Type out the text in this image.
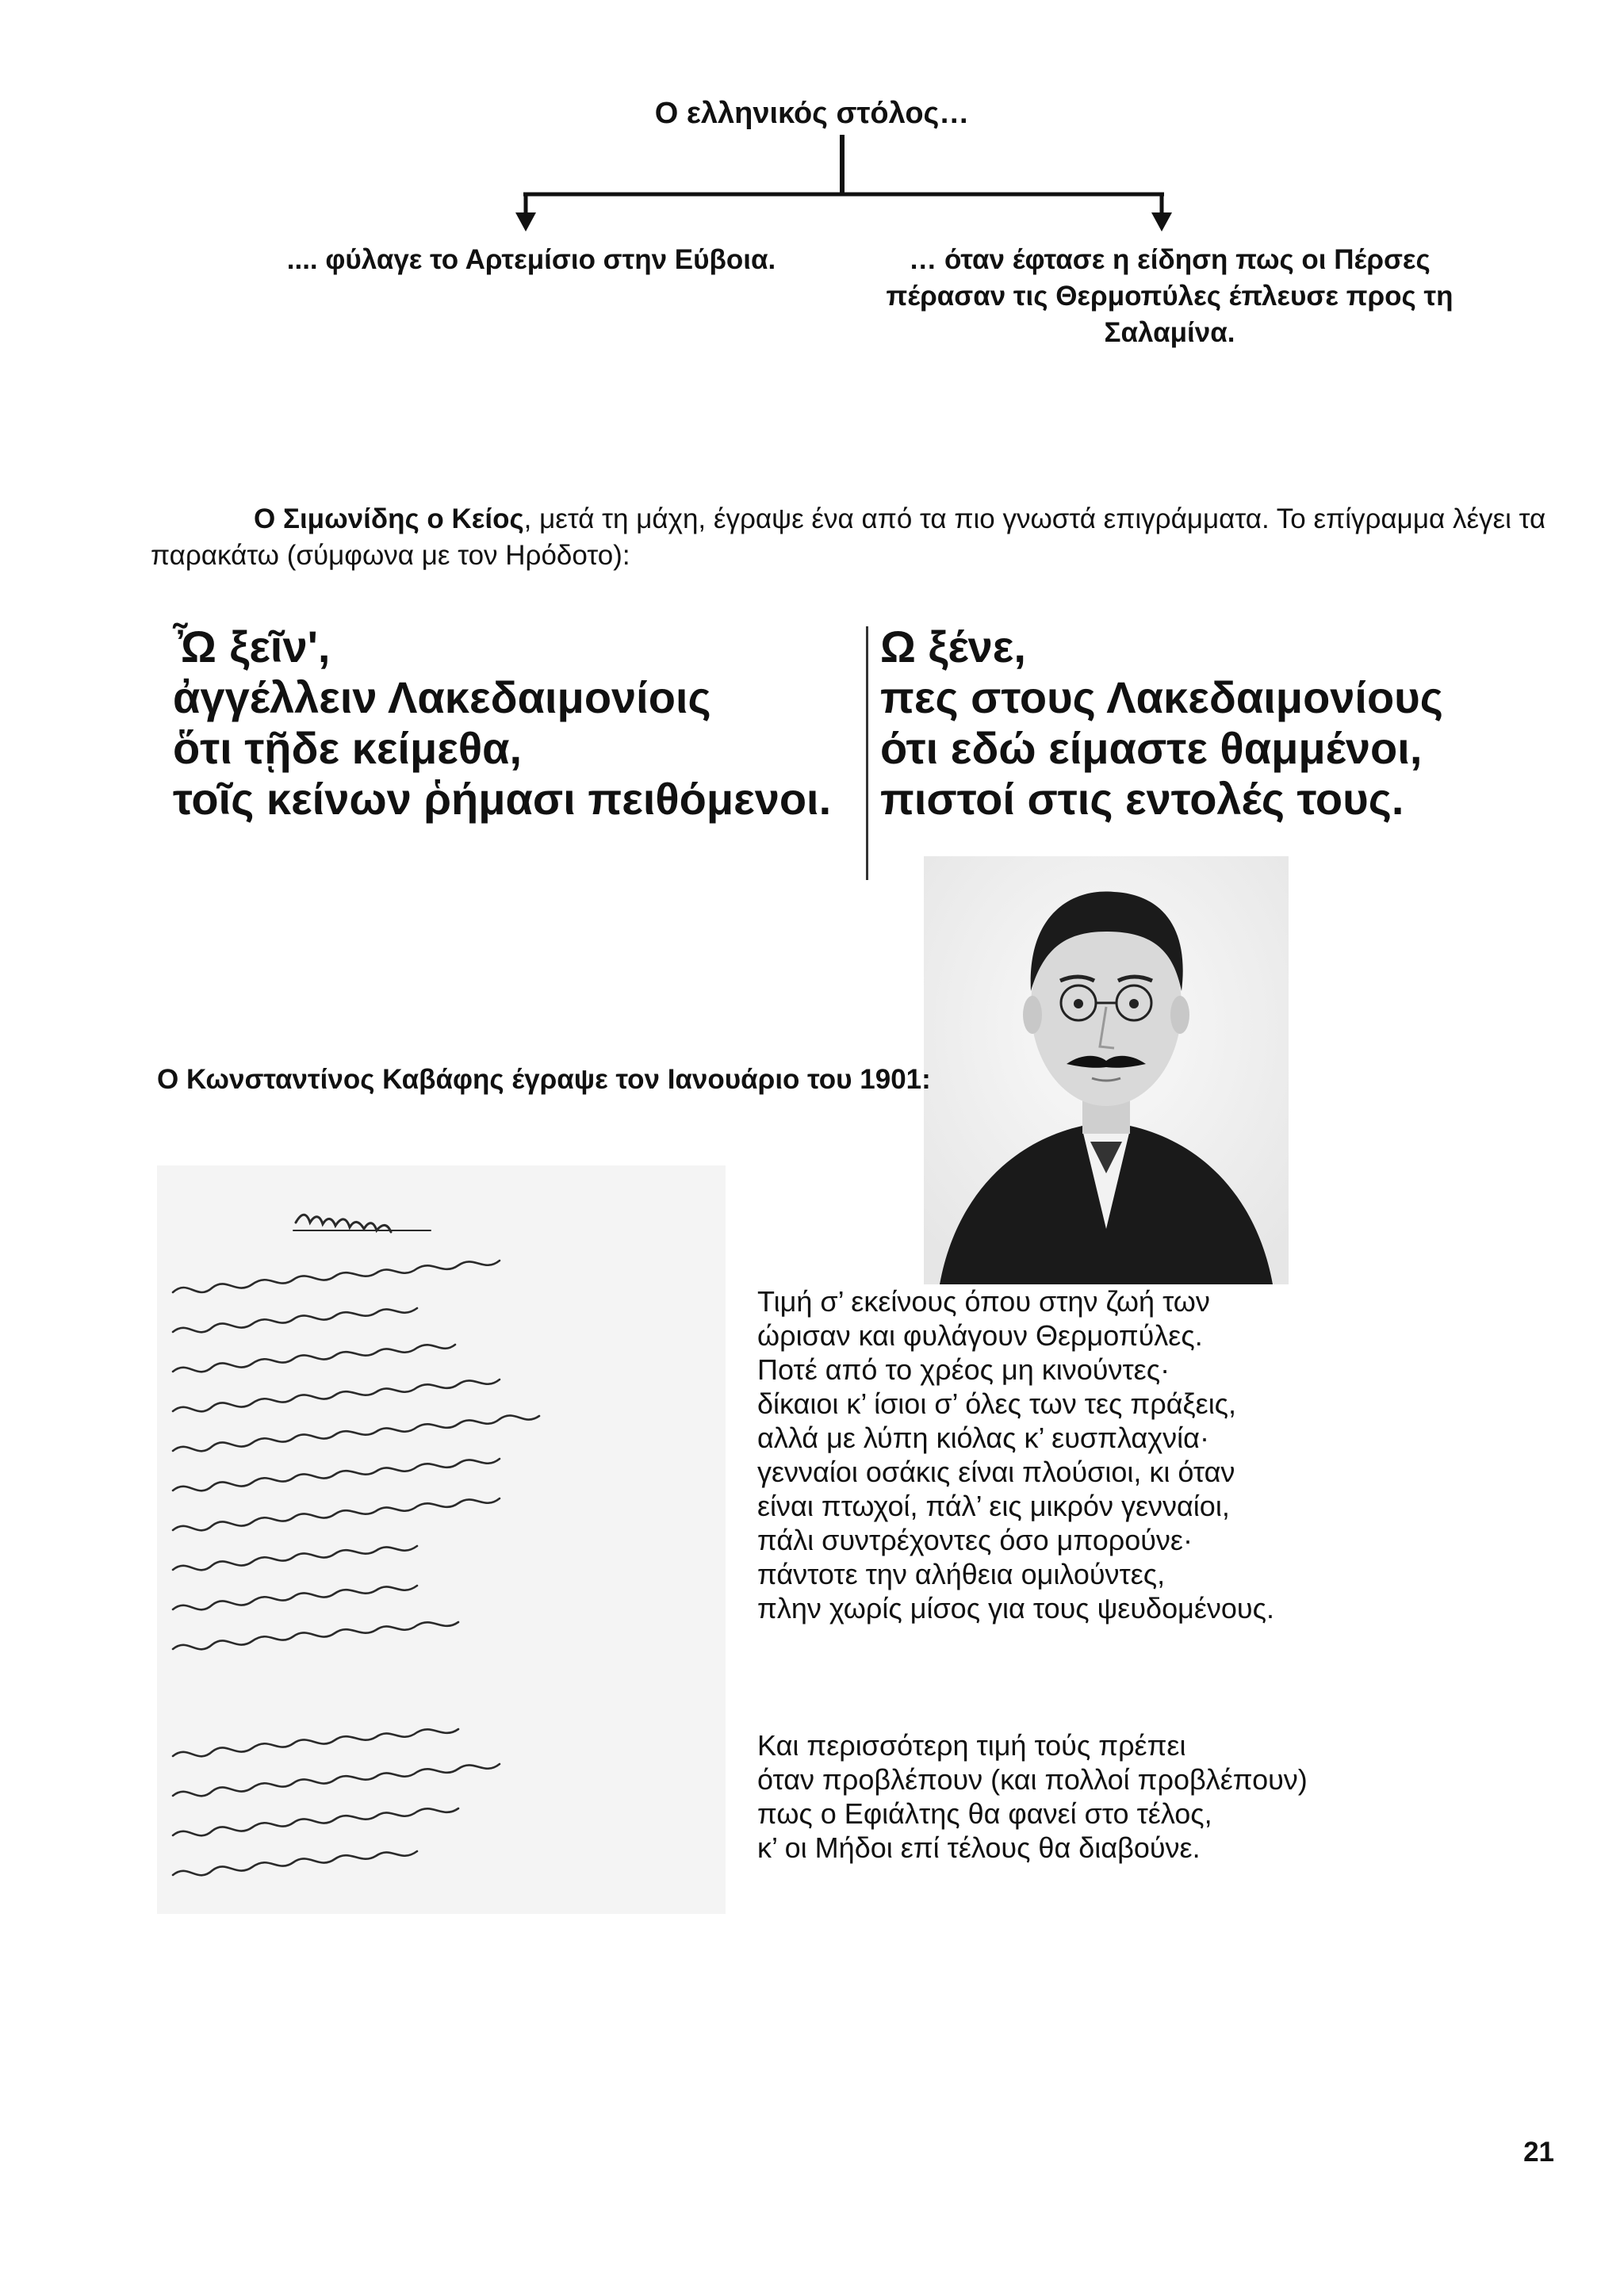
Ο ελληνικός στόλος…
.... φύλαγε το Αρτεμίσιο στην Εύβοια.	… όταν έφτασε η είδηση πως οι Πέρσες
πέρασαν τις Θερμοπύλες έπλευσε προς τη
Σαλαμίνα.
Ο Σιμωνίδης ο Κείος, μετά τη μάχη, έγραψε ένα από τα πιο γνωστά επιγράμματα. Το επίγραμμα λέγει τα
παρακάτω (σύμφωνα με τον Ηρόδοτο):
Ὦ ξεῖν',
ἀγγέλλειν Λακεδαιμονίοις
ὅτι τῇδε κείμεθα,
τοῖς κείνων ῥήμασι πειθόμενοι.
Ω ξένε,
πες στους Λακεδαιμονίους
ότι εδώ είμαστε θαμμένοι,
πιστοί στις εντολές τους.
Ο Κωνσταντίνος Καβάφης έγραψε τον Ιανουάριο του 1901:
Τιμή σ’ εκείνους όπου στην ζωή των
ώρισαν και φυλάγουν Θερμοπύλες.
Ποτέ από το χρέος μη κινούντες·
δίκαιοι κ’ ίσιοι σ’ όλες των τες πράξεις,
αλλά με λύπη κιόλας κ’ ευσπλαχνία·
γενναίοι οσάκις είναι πλούσιοι, κι όταν
είναι πτωχοί, πάλ’ εις μικρόν γενναίοι,
πάλι συντρέχοντες όσο μπορούνε·
πάντοτε την αλήθεια ομιλούντες,
πλην χωρίς μίσος για τους ψευδομένους.
Και περισσότερη τιμή τούς πρέπει
όταν προβλέπουν (και πολλοί προβλέπουν)
πως ο Εφιάλτης θα φανεί στο τέλος,
κ’ οι Μήδοι επί τέλους θα διαβούνε.
21
